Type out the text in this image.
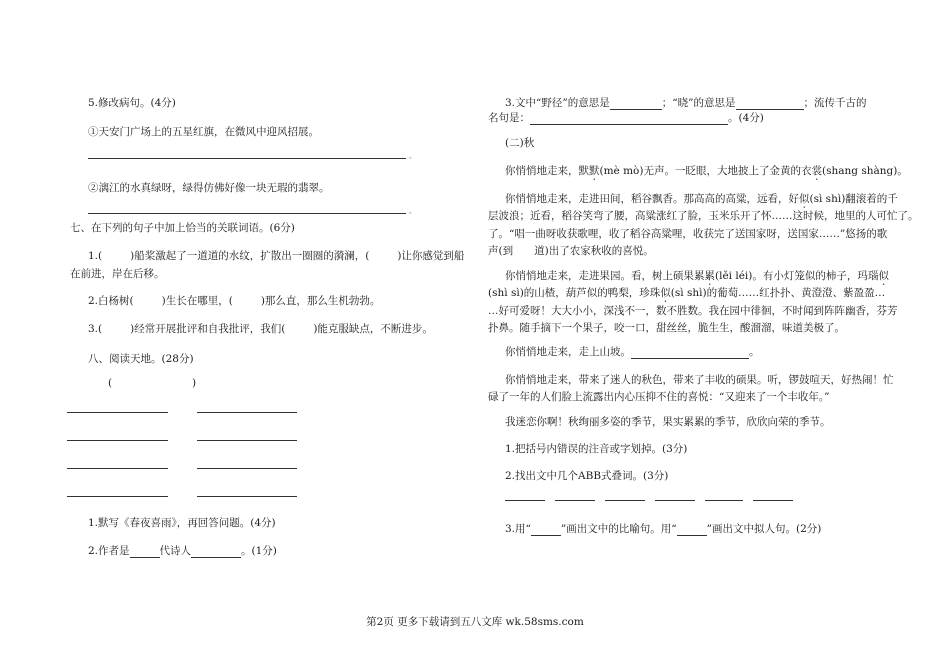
5.修改病句。(4分)
①天安门广场上的五星红旗，在微风中迎风招展。
。
②漓江的水真绿呀，绿得仿佛好像一块无瑕的翡翠。
。
七、在下列的句子中加上恰当的关联词语。(6分)
1.(	)船桨激起了一道道的水纹，扩散出一圈圈的漪澜，(	)让你感觉到船
在前进，岸在后移。
2.白杨树(	)生长在哪里，(	)那么直，那么生机勃勃。
3.(	)经常开展批评和自我批评，我们(	)能克服缺点，不断进步。
八、阅读天地。(28分)
(	)
1.默写《春夜喜雨》，再回答问题。(4分)
2.作者是	代诗人	。(1分)
3.文中“野径”的意思是	；“晓”的意思是	；流传千古的
名句是：	。(4分)
(二)秋
你悄悄地走来，默默(mè mò)无声。一眨眼，大地披上了金黄的衣裳(shang shàng)。
你悄悄地走来，走进田间，稻谷飘香。那高高的高粱，远看，好似(sì shì)翻滚着的千
层波浪；近看，稻谷笑弯了腰，高粱涨红了脸，玉米乐开了怀……这时候，地里的人可忙了。
了。“唱一曲呀收获歌哩，收了稻谷高粱哩，收获完了送国家呀，送国家……”悠扬的歌
声(到　　道)出了农家秋收的喜悦。
你悄悄地走来，走进果园。看，树上硕果累累(lěi léi)。有小灯笼似的柿子，玛瑙似
(shì sì)的山楂，葫芦似的鸭梨，珍珠似(sì shì)的葡萄……红扑扑、黄澄澄、紫盈盈…
…好可爱呀！大大小小，深浅不一，数不胜数。我在园中徘徊，不时闻到阵阵幽香，芬芳
扑鼻。随手摘下一个果子，咬一口，甜丝丝，脆生生，酸溜溜，味道美极了。
你悄悄地走来，走上山坡。	。
你悄悄地走来，带来了迷人的秋色，带来了丰收的硕果。听，锣鼓喧天，好热闹！忙
碌了一年的人们脸上流露出内心压抑不住的喜悦：“又迎来了一个丰收年。”
我迷恋你啊！秋绚丽多姿的季节，果实累累的季节，欣欣向荣的季节。
1.把括号内错误的注音或字划掉。(3分)
2.找出文中几个ABB式叠词。(3分)
3.用“	”画出文中的比喻句。用“	”画出文中拟人句。(2分)
第2页 更多下载请到五八文库 wk.58sms.com
